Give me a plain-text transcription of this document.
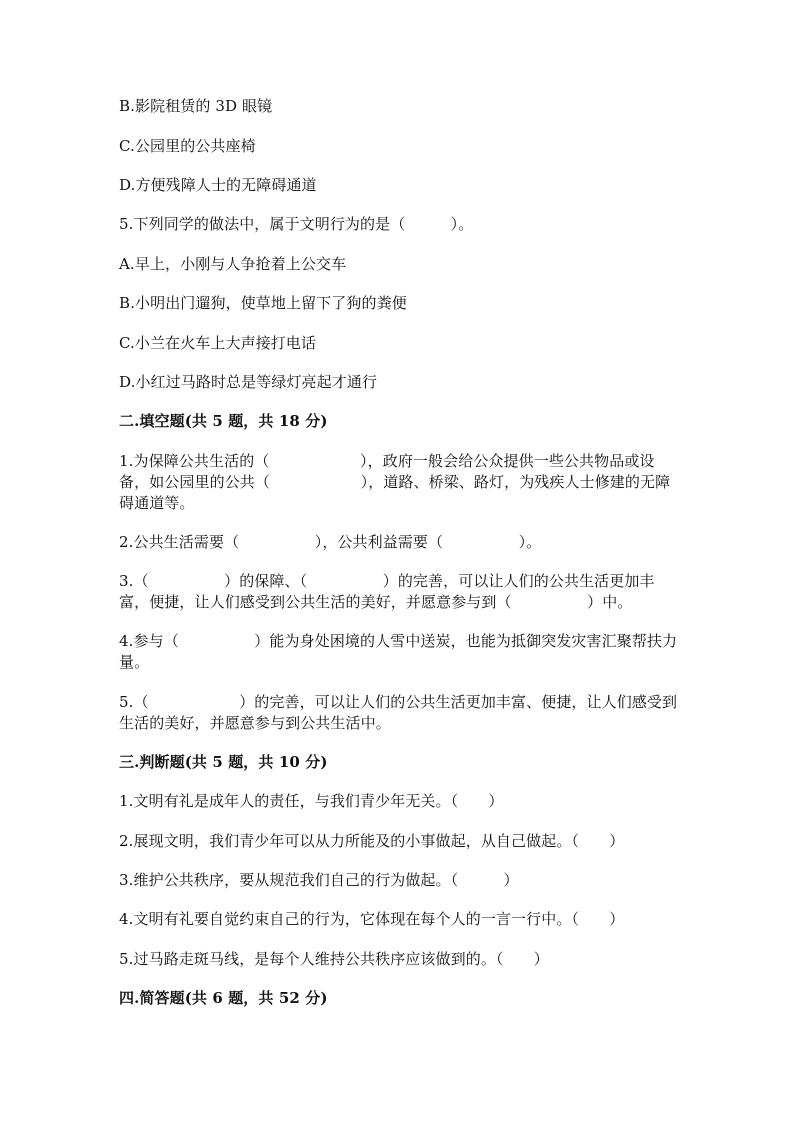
B.影院租赁的 3D 眼镜
C.公园里的公共座椅
D.方便残障人士的无障碍通道
5.下列同学的做法中，属于文明行为的是（　　　）。
A.早上，小刚与人争抢着上公交车
B.小明出门遛狗，使草地上留下了狗的粪便
C.小兰在火车上大声接打电话
D.小红过马路时总是等绿灯亮起才通行
二.填空题(共 5 题，共 18 分)
1.为保障公共生活的（　　　　　　），政府一般会给公众提供一些公共物品或设备，如公园里的公共（　　　　　　），道路、桥梁、路灯，为残疾人士修建的无障碍通道等。
2.公共生活需要（　　　　　），公共利益需要（　　　　　）。
3.（　　　　　）的保障、（　　　　　）的完善，可以让人们的公共生活更加丰富，便捷，让人们感受到公共生活的美好，并愿意参与到（　　　　　）中。
4.参与（　　　　　）能为身处困境的人雪中送炭，也能为抵御突发灾害汇聚帮扶力量。
5.（　　　　　　）的完善，可以让人们的公共生活更加丰富、便捷，让人们感受到生活的美好，并愿意参与到公共生活中。
三.判断题(共 5 题，共 10 分)
1.文明有礼是成年人的责任，与我们青少年无关。（　　）
2.展现文明，我们青少年可以从力所能及的小事做起，从自己做起。（　　）
3.维护公共秩序，要从规范我们自己的行为做起。（　　　）
4.文明有礼要自觉约束自己的行为，它体现在每个人的一言一行中。（　　）
5.过马路走斑马线，是每个人维持公共秩序应该做到的。（　　）
四.简答题(共 6 题，共 52 分)
